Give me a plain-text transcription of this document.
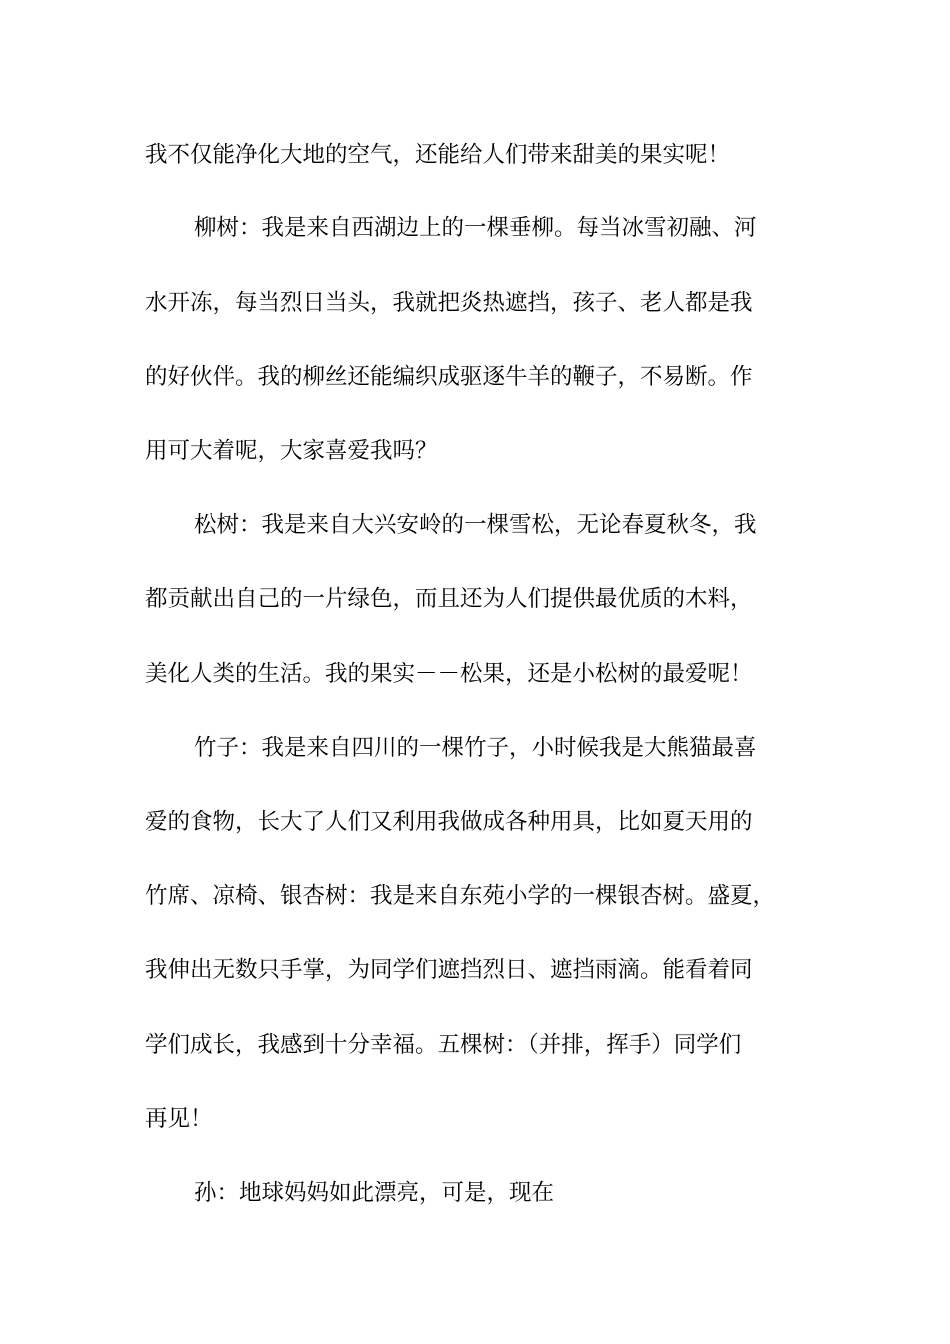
我不仅能净化大地的空气，还能给人们带来甜美的果实呢！

柳树：我是来自西湖边上的一棵垂柳。每当冰雪初融、河

水开冻，每当烈日当头，我就把炎热遮挡，孩子、老人都是我

的好伙伴。我的柳丝还能编织成驱逐牛羊的鞭子，不易断。作

用可大着呢，大家喜爱我吗？

松树：我是来自大兴安岭的一棵雪松，无论春夏秋冬，我

都贡献出自己的一片绿色，而且还为人们提供最优质的木料，

美化人类的生活。我的果实－－松果，还是小松树的最爱呢！

竹子：我是来自四川的一棵竹子，小时候我是大熊猫最喜

爱的食物，长大了人们又利用我做成各种用具，比如夏天用的

竹席、凉椅、银杏树：我是来自东苑小学的一棵银杏树。盛夏，

我伸出无数只手掌，为同学们遮挡烈日、遮挡雨滴。能看着同

学们成长，我感到十分幸福。五棵树：（并排，挥手）同学们

再见！

孙：地球妈妈如此漂亮，可是，现在
